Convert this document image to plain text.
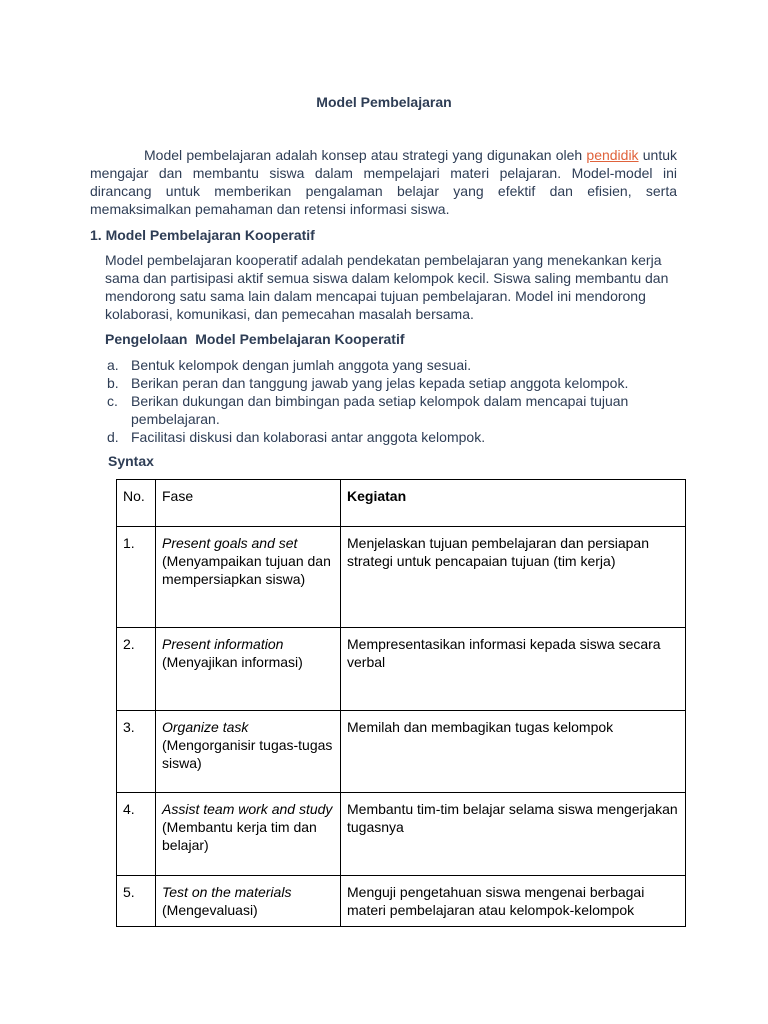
Model Pembelajaran

Model pembelajaran adalah konsep atau strategi yang digunakan oleh pendidik untuk mengajar dan membantu siswa dalam mempelajari materi pelajaran. Model-model ini dirancang untuk memberikan pengalaman belajar yang efektif dan efisien, serta memaksimalkan pemahaman dan retensi informasi siswa.

1. Model Pembelajaran Kooperatif

Model pembelajaran kooperatif adalah pendekatan pembelajaran yang menekankan kerja sama dan partisipasi aktif semua siswa dalam kelompok kecil. Siswa saling membantu dan mendorong satu sama lain dalam mencapai tujuan pembelajaran. Model ini mendorong kolaborasi, komunikasi, dan pemecahan masalah bersama.

Pengelolaan  Model Pembelajaran Kooperatif
a. Bentuk kelompok dengan jumlah anggota yang sesuai.
b. Berikan peran dan tanggung jawab yang jelas kepada setiap anggota kelompok.
c. Berikan dukungan dan bimbingan pada setiap kelompok dalam mencapai tujuan pembelajaran.
d. Facilitasi diskusi dan kolaborasi antar anggota kelompok.
Syntax
No.	Fase	Kegiatan
1.	Present goals and set (Menyampaikan tujuan dan mempersiapkan siswa)	Menjelaskan tujuan pembelajaran dan persiapan strategi untuk pencapaian tujuan (tim kerja)
2.	Present information (Menyajikan informasi)	Mempresentasikan informasi kepada siswa secara verbal
3.	Organize task (Mengorganisir tugas-tugas siswa)	Memilah dan membagikan tugas kelompok
4.	Assist team work and study (Membantu kerja tim dan belajar)	Membantu tim-tim belajar selama siswa mengerjakan tugasnya
5.	Test on the materials (Mengevaluasi)	Menguji pengetahuan siswa mengenai berbagai materi pembelajaran atau kelompok-kelompok
